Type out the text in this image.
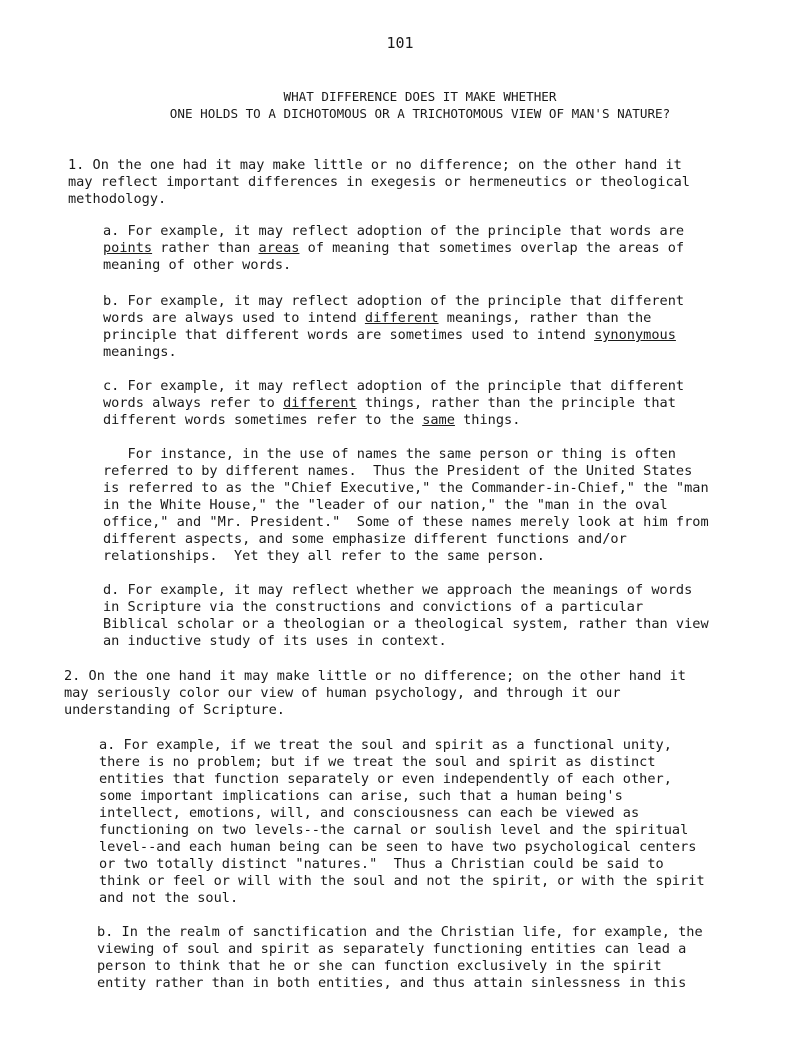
101
WHAT DIFFERENCE DOES IT MAKE WHETHER
ONE HOLDS TO A DICHOTOMOUS OR A TRICHOTOMOUS VIEW OF MAN'S NATURE?
1. On the one had it may make little or no difference; on the other hand it
may reflect important differences in exegesis or hermeneutics or theological
methodology.
a. For example, it may reflect adoption of the principle that words are
points rather than areas of meaning that sometimes overlap the areas of
meaning of other words.
b. For example, it may reflect adoption of the principle that different
words are always used to intend different meanings, rather than the
principle that different words are sometimes used to intend synonymous
meanings.
c. For example, it may reflect adoption of the principle that different
words always refer to different things, rather than the principle that
different words sometimes refer to the same things.
For instance, in the use of names the same person or thing is often
referred to by different names.  Thus the President of the United States
is referred to as the "Chief Executive," the Commander-in-Chief," the "man
in the White House," the "leader of our nation," the "man in the oval
office," and "Mr. President."  Some of these names merely look at him from
different aspects, and some emphasize different functions and/or
relationships.  Yet they all refer to the same person.
d. For example, it may reflect whether we approach the meanings of words
in Scripture via the constructions and convictions of a particular
Biblical scholar or a theologian or a theological system, rather than view
an inductive study of its uses in context.
2. On the one hand it may make little or no difference; on the other hand it
may seriously color our view of human psychology, and through it our
understanding of Scripture.
a. For example, if we treat the soul and spirit as a functional unity,
there is no problem; but if we treat the soul and spirit as distinct
entities that function separately or even independently of each other,
some important implications can arise, such that a human being's
intellect, emotions, will, and consciousness can each be viewed as
functioning on two levels--the carnal or soulish level and the spiritual
level--and each human being can be seen to have two psychological centers
or two totally distinct "natures."  Thus a Christian could be said to
think or feel or will with the soul and not the spirit, or with the spirit
and not the soul.
b. In the realm of sanctification and the Christian life, for example, the
viewing of soul and spirit as separately functioning entities can lead a
person to think that he or she can function exclusively in the spirit
entity rather than in both entities, and thus attain sinlessness in this
